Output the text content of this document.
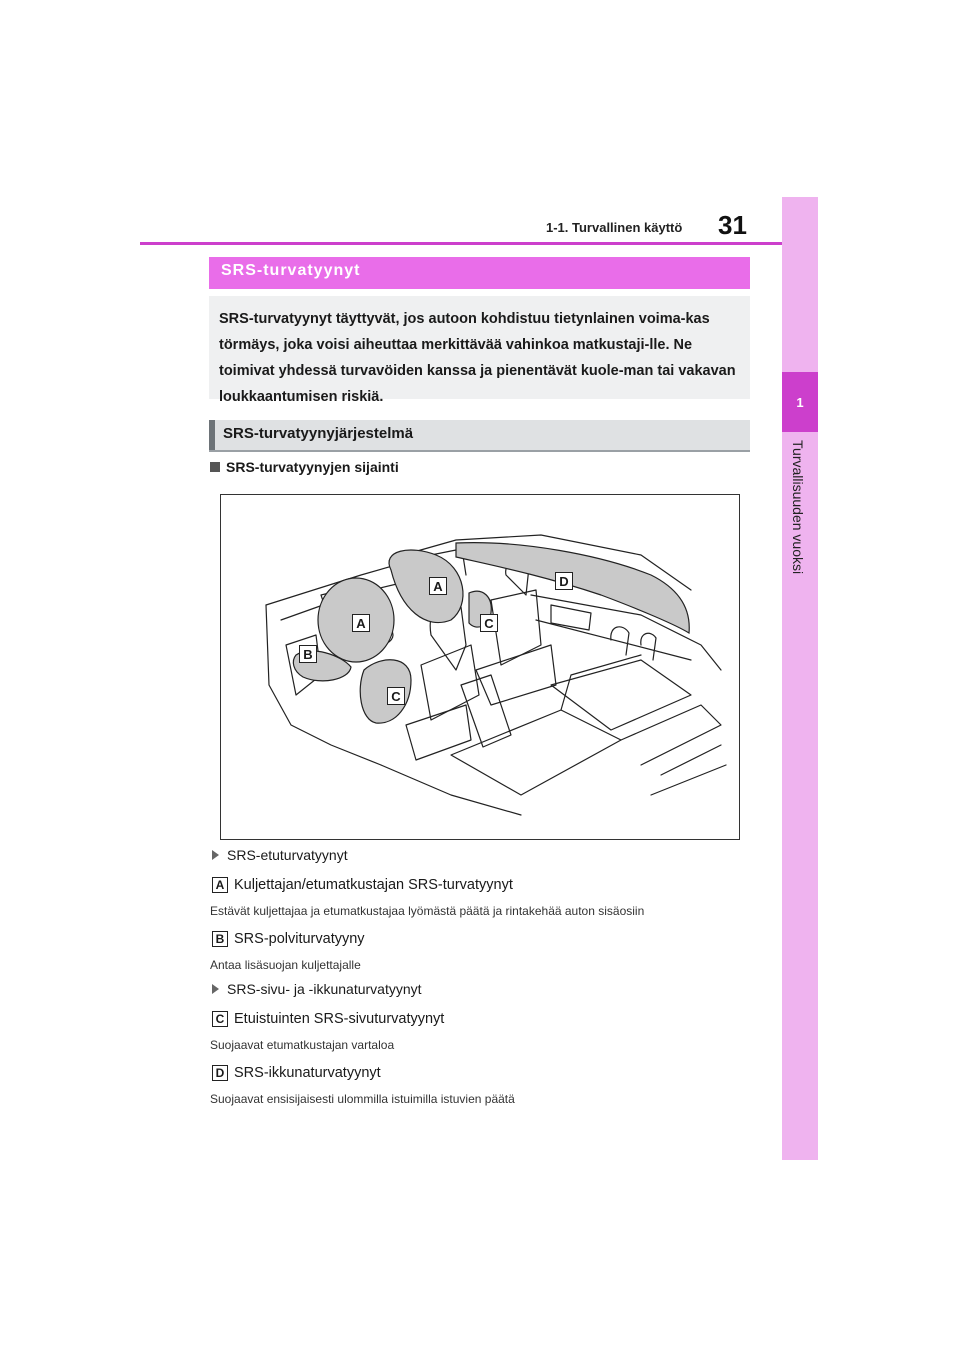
1
Turvallisuuden vuoksi
1-1. Turvallinen käyttö 31
SRS-turvatyynyt

SRS-turvatyynyt täyttyvät, jos autoon kohdistuu tietynlainen voima-kas törmäys, joka voisi aiheuttaa merkittävää vahinkoa matkustaji-lle. Ne toimivat yhdessä turvavöiden kanssa ja pienentävät kuole-man tai vakavan loukkaantumisen riskiä.

SRS-turvatyynyjärjestelmä
SRS-turvatyynyjen sijainti
A
A
B
C
C
D
SRS-etuturvatyynyt
A Kuljettajan/etumatkustajan SRS-turvatyynyt
Estävät kuljettajaa ja etumatkustajaa lyömästä päätä ja rintakehää auton sisäosiin
B SRS-polviturvatyyny
Antaa lisäsuojan kuljettajalle
SRS-sivu- ja -ikkunaturvatyynyt
C Etuistuinten SRS-sivuturvatyynyt
Suojaavat etumatkustajan vartaloa
D SRS-ikkunaturvatyynyt
Suojaavat ensisijaisesti ulommilla istuimilla istuvien päätä
